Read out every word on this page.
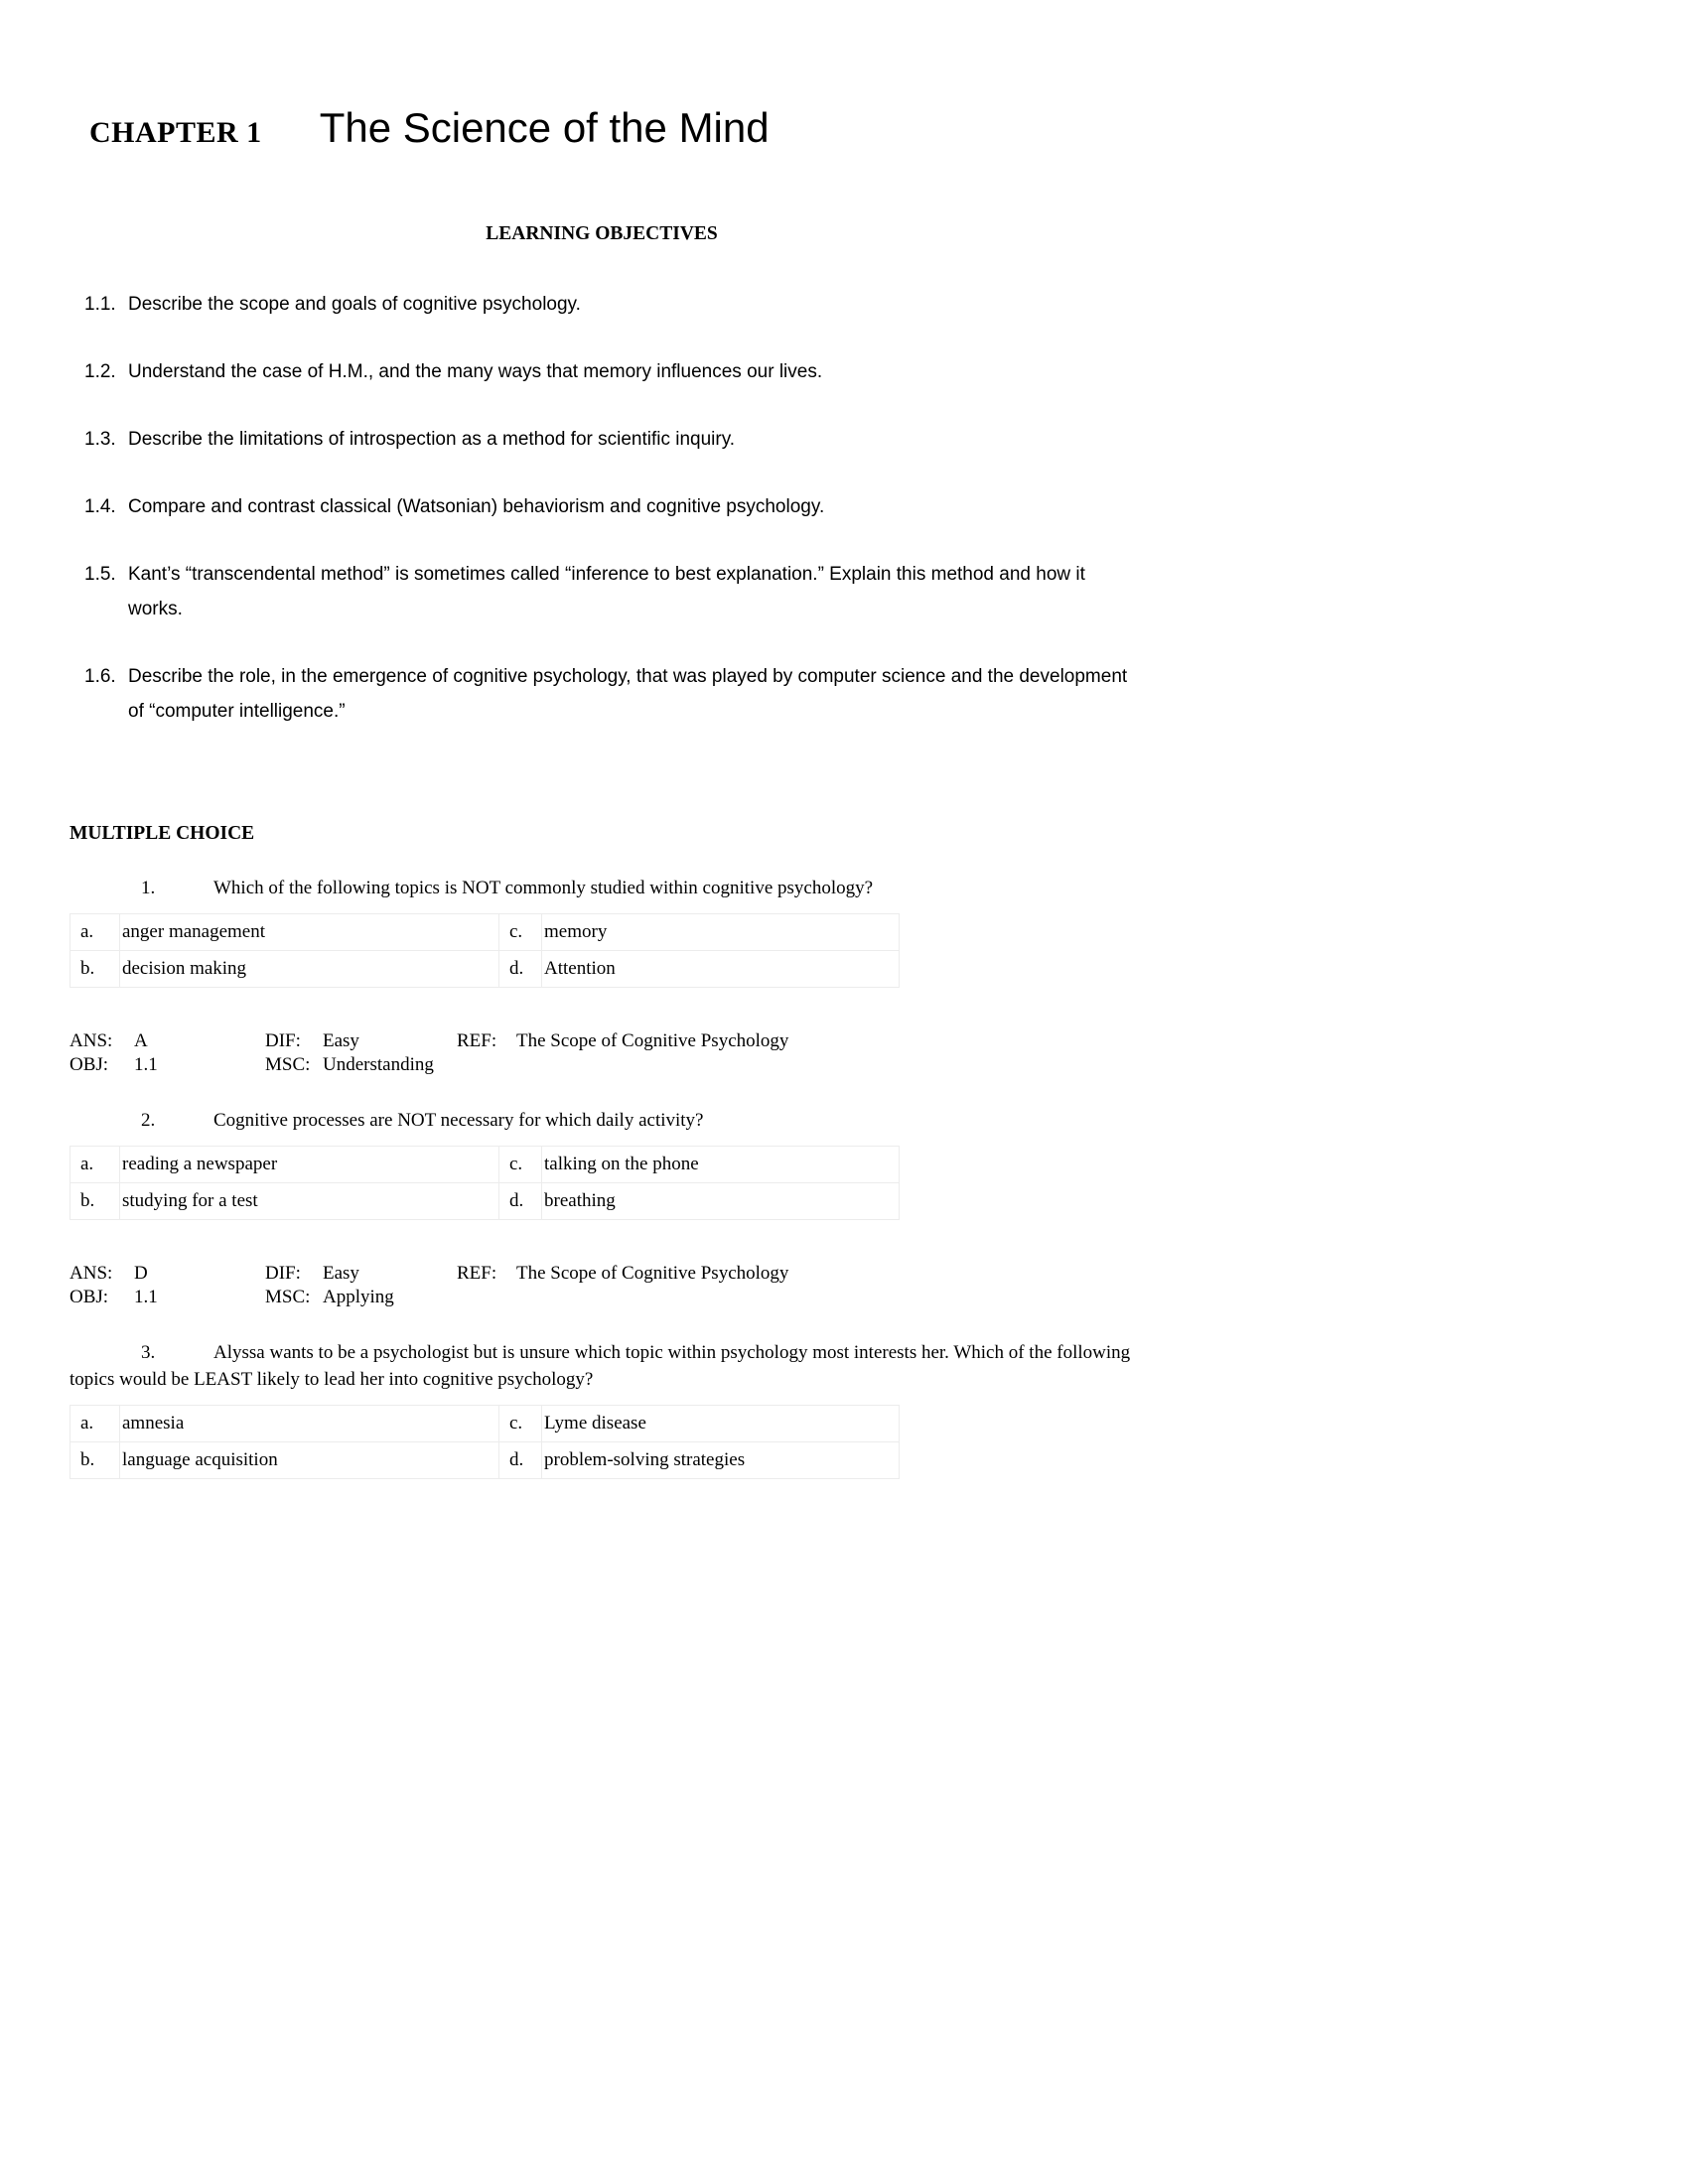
CHAPTER 1 The Science of the Mind
LEARNING OBJECTIVES
1.1. Describe the scope and goals of cognitive psychology.
1.2. Understand the case of H.M., and the many ways that memory influences our lives.
1.3. Describe the limitations of introspection as a method for scientific inquiry.
1.4. Compare and contrast classical (Watsonian) behaviorism and cognitive psychology.
1.5. Kant’s “transcendental method” is sometimes called “inference to best explanation.” Explain this method and how it works.
1.6. Describe the role, in the emergence of cognitive psychology, that was played by computer science and the development of “computer intelligence.”
MULTIPLE CHOICE
1.	Which of the following topics is NOT commonly studied within cognitive psychology?
a.	anger management	c.	memory
b.	decision making	d.	Attention
ANS:	A	DIF:	Easy	REF:	The Scope of Cognitive Psychology
OBJ:	1.1	MSC: Understanding
2.	Cognitive processes are NOT necessary for which daily activity?
a.	reading a newspaper	c.	talking on the phone
b.	studying for a test	d.	breathing
ANS:	D	DIF:	Easy	REF:	The Scope of Cognitive Psychology
OBJ:	1.1	MSC: Applying
3.	Alyssa wants to be a psychologist but is unsure which topic within psychology most interests her. Which of the following topics would be LEAST likely to lead her into cognitive psychology?
a.	amnesia	c.	Lyme disease
b.	language acquisition	d.	problem-solving strategies
